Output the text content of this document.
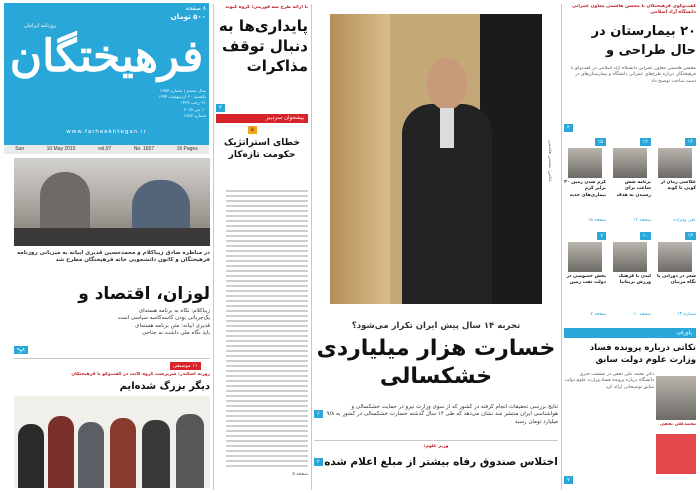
فرهیختگان
روزنامه ایرانیان
۸ صفحه
۵۰۰ تومان
سال ششم | شماره ۱۶۵۷
یکشنبه ۲۰ اردیبهشت ۱۳۹۴
۲۱ رجب ۱۴۳۶
۱۰ می ۲۰۱۵
شماره ۱۶۵۷
www.farheekhtegan.ir
Sun	10 May 2015	vol.07	No. 1657	16 Pages
در مناظره صادق زیباکلام و محمدحسین قدیری ابیانه به میزبانی روزنامه فرهیختگان و کانون دانشجویی خانه فرهیختگان مطرح شد
لوزان، اقتصاد و
زیباکلام: نگاه به برنامه هسته‌ای
یک‌جریانی بودن کاسه‌کاسه سیاسی است
قدیری ابیانه: متن برنامه هسته‌ای
باید نگاه ملی داشت نه جناحی
۸و۹
۱۱ موسیقی
روزنه اسکندر: سرپرست گروه کانت در گفت‌وگو با فرهیختگان
دیگر بزرگ شده‌ایم
با ارائه طرح سه فوریتی؛ گروه کیوند
پایداری‌ها به دنبال توقف مذاکرات
۳
پیشخوان سردبیر
۵
خطای استراتژیک حکومت تازه‌کار
صفحه ۵
عکس: محسن هاشمی
تجربه ۱۴ سال پیش ایران تکرار می‌شود؟
خسارت هزار میلیاردی
خشکسالی
نتایج بررسی تحقیقات انجام گرفته در کشور که از سوی وزارت نیرو در حمایت خشکسالی و هواشناسی ایران منتشر شد نشان می‌دهد که طی ۱۴ سال گذشته خسارت خشکسالی در کشور به ۹/۸ میلیارد تومان رسید
۶
وزیر علوم:
اختلاس صندوق رفاه بیشتر از مبلغ اعلام شده
۲
گفت‌وگوی فرهیختگان با محسن هاشمی معاون عمرانی دانشگاه آزاد اسلامی
۲۰ بیمارستان در حال طراحی و
محسن هاشمی معاون عمرانی دانشگاه آزاد اسلامی در گفت‌وگو با فرهیختگان درباره طرح‌های عمرانی دانشگاه و بیمارستان‌های در دست ساخت توضیح داد
۴
۱۴
عکاسی زمان از کوبی تا کوبه
علی ولیزاده
۱۲
برنامه شش ساعت برای رسیدن به هدف
صفحه ۱۲
۱۵
کرم شدن زمین ۲۰ برابر کرم بیماری‌های جدید
صفحه ۱۵
۱۳
شعر در دوزانی با نگاه مربیان
شماره ۱۳
۱۰
لندن با فرهنگ ورزش بریتانیا
صفحه ۱۰
۷
بخش خصوصی در دولت نفت زمین
صفحه ۷
پاورقی
نکاتی درباره پرونده فساد وزارت علوم دولت سابق
دکتر محمد علی نجفی در نشست خبری دانشگاه درباره پرونده فساد وزارت علوم دولت سابق توضیحاتی ارائه کرد
محمدعلی نجفی
۷
